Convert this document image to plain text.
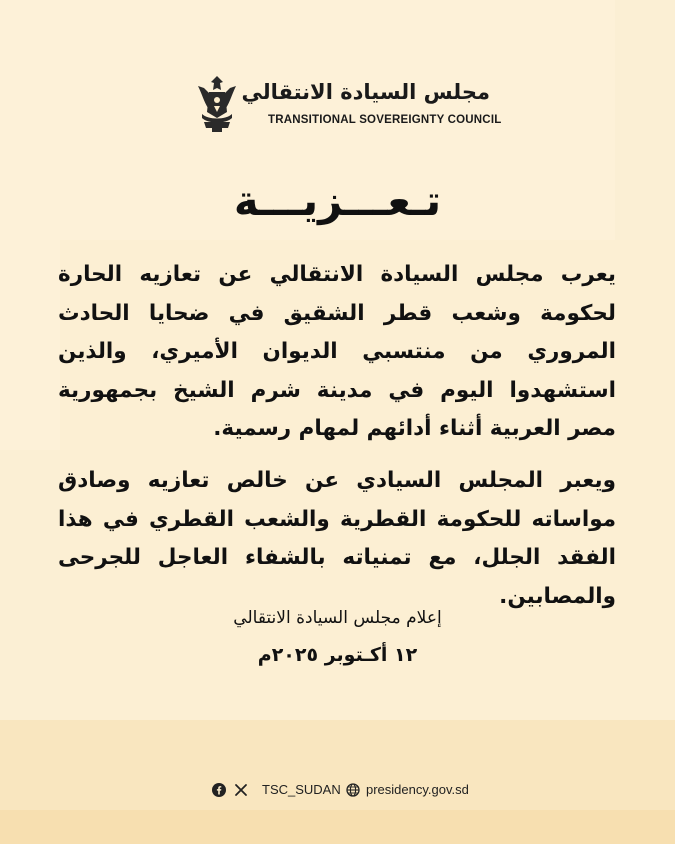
مجلس السيادة الانتقالي
TRANSITIONAL SOVEREIGNTY COUNCIL
تـعـــزيـــة
يعرب مجلس السيادة الانتقالي عن تعازيه الحارة لحكومة وشعب قطر الشقيق في ضحايا الحادث المروري من منتسبي الديوان الأميري، والذين استشهدوا اليوم في مدينة شرم الشيخ بجمهورية مصر العربية أثناء أدائهم لمهام رسمية.
ويعبر المجلس السيادي عن خالص تعازيه وصادق مواساته للحكومة القطرية والشعب القطري في هذا الفقد الجلل، مع تمنياته بالشفاء العاجل للجرحى والمصابين.
إعلام مجلس السيادة الانتقالي
١٢ أكـتوبر ٢٠٢٥م
TSC_SUDAN presidency.gov.sd
